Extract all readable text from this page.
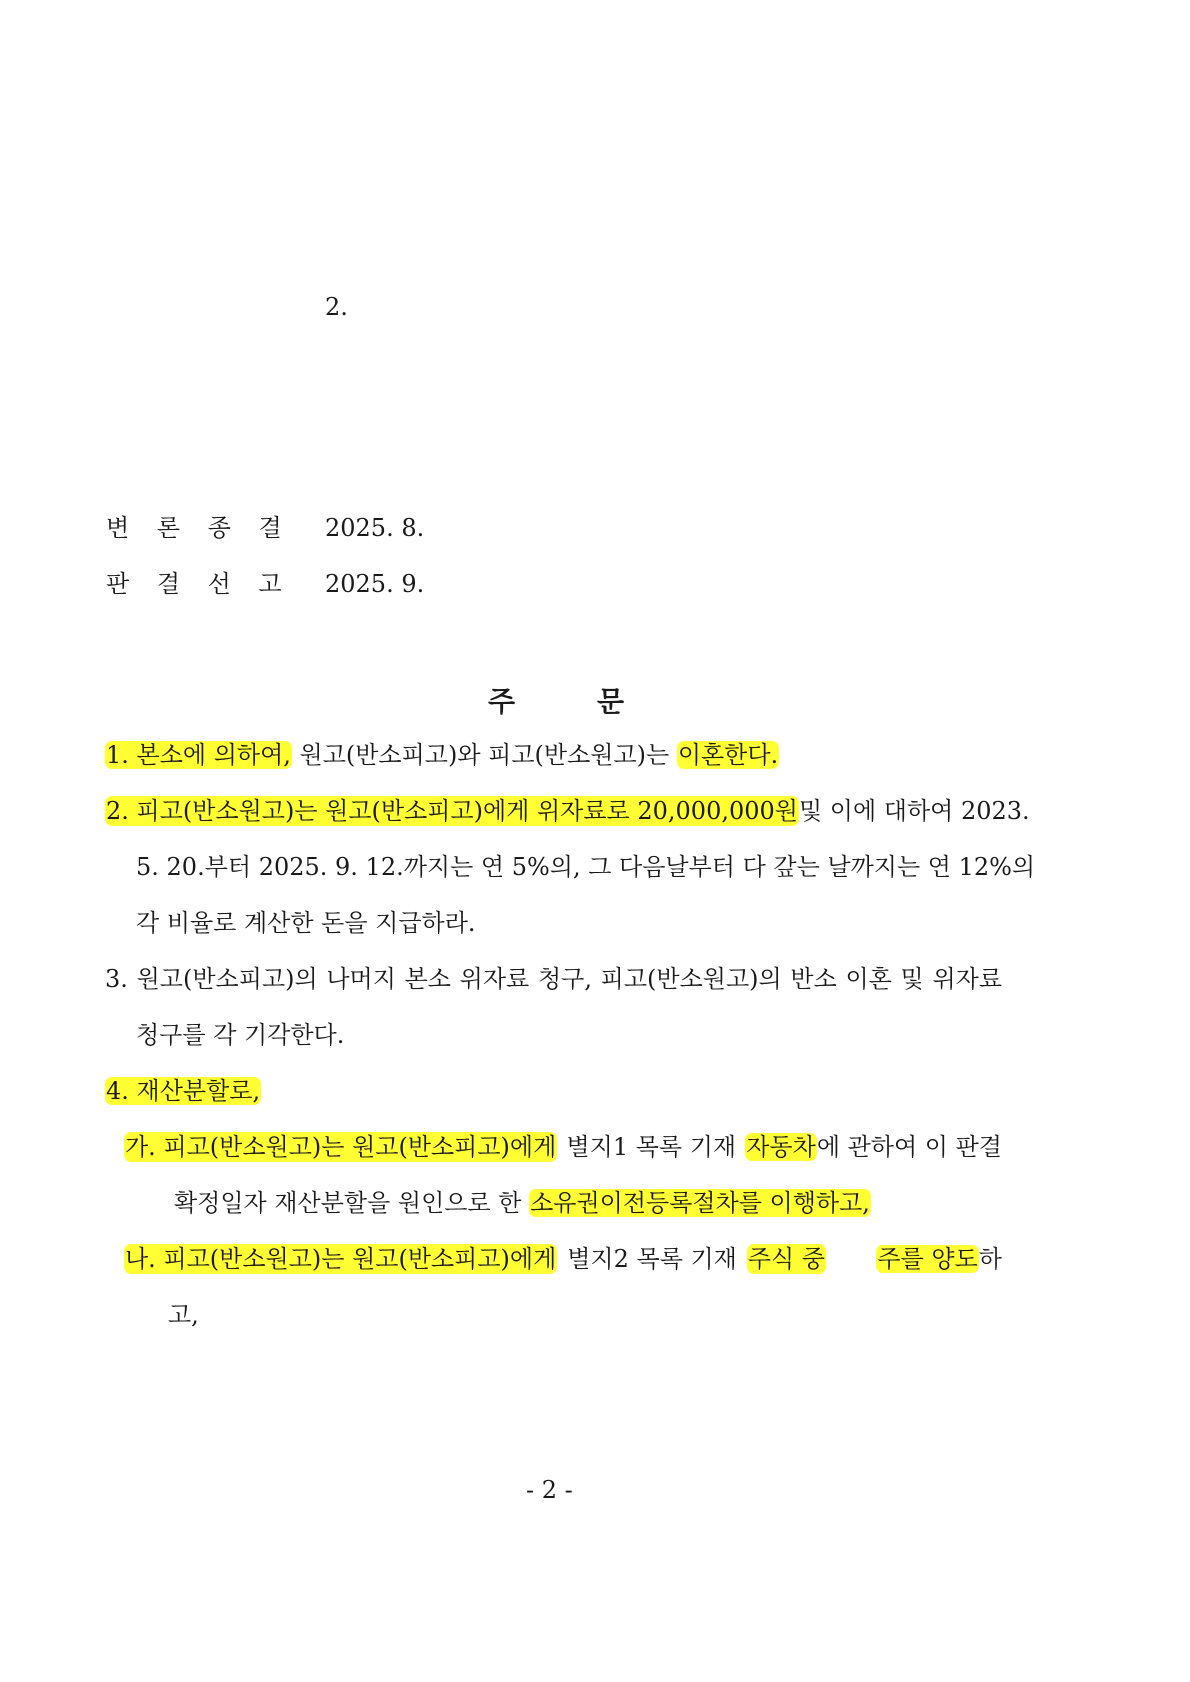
2.
변 론 종 결 2025. 8.
판 결 선 고 2025. 9.
주	문
1. 본소에 의하여, 원고(반소피고)와 피고(반소원고)는 이혼한다.
2. 피고(반소원고)는 원고(반소피고)에게 위자료로 20,000,000원 및 이에 대하여 2023.
5. 20.부터 2025. 9. 12.까지는 연 5%의, 그 다음날부터 다 갚는 날까지는 연 12%의
각 비율로 계산한 돈을 지급하라.
3. 원고(반소피고)의 나머지 본소 위자료 청구, 피고(반소원고)의 반소 이혼 및 위자료
청구를 각 기각한다.
4. 재산분할로,
가. 피고(반소원고)는 원고(반소피고)에게 별지1 목록 기재 자동차에 관하여 이 판결
확정일자 재산분할을 원인으로 한 소유권이전등록절차를 이행하고,
나. 피고(반소원고)는 원고(반소피고)에게 별지2 목록 기재 주식 중
주를 양도하
고,
- 2 -
